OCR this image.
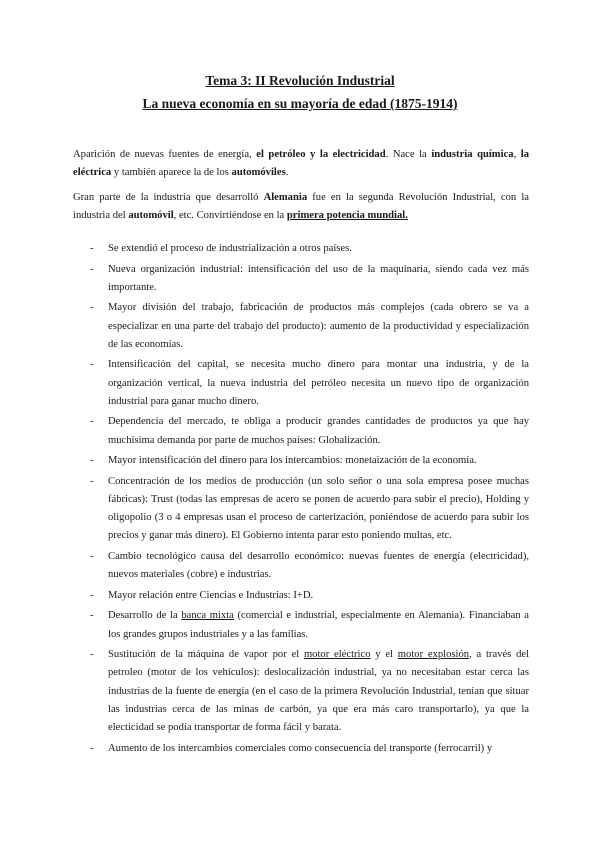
Tema 3: II Revolución Industrial
La nueva economía en su mayoría de edad (1875-1914)

Aparición de nuevas fuentes de energía, el petróleo y la electricidad. Nace la industria química, la eléctrica y también aparece la de los automóviles.

Gran parte de la industria que desarrolló Alemania fue en la segunda Revolución Industrial, con la industria del automóvil, etc. Convirtiéndose en la primera potencia mundial.

- Se extendió el proceso de industrialización a otros países.
- Nueva organización industrial: intensificación del uso de la maquinaria, siendo cada vez más importante.
- Mayor división del trabajo, fabricación de productos más complejos (cada obrero se va a especializar en una parte del trabajo del producto): aumento de la productividad y especialización de las economías.
- Intensificación del capital, se necesita mucho dinero para montar una industria, y de la organización vertical, la nueva industria del petróleo necesita un nuevo tipo de organización industrial para ganar mucho dinero.
- Dependencia del mercado, te obliga a producir grandes cantidades de productos ya que hay muchísima demanda por parte de muchos países: Globalización.
- Mayor intensificación del dinero para los intercambios: monetaización de la economía.
- Concentración de los medios de producción (un solo señor o una sola empresa posee muchas fábricas): Trust (todas las empresas de acero se ponen de acuerdo para subir el precio), Holding y oligopolio (3 o 4 empresas usan el proceso de carterización, poniéndose de acuerdo para subir los precios y ganar más dinero). El Gobierno intenta parar esto poniendo multas, etc.
- Cambio tecnológico causa del desarrollo económico: nuevas fuentes de energía (electricidad), nuevos materiales (cobre) e industrias.
- Mayor relación entre Ciencias e Industrias: I+D.
- Desarrollo de la banca mixta (comercial e industrial, especialmente en Alemania). Financiaban a los grandes grupos industriales y a las familias.
- Sustitución de la máquina de vapor por el motor eléctrico y el motor explosión, a través del petroleo (motor de los vehículos): deslocalización industrial, ya no necesitaban estar cerca las industrias de la fuente de energía (en el caso de la primera Revolución Industrial, tenían que situar las industrias cerca de las minas de carbón, ya que era más caro transportarlo), ya que la electicidad se podía transportar de forma fácil y barata.
- Aumento de los intercambios comerciales como consecuencia del transporte (ferrocarril) y
